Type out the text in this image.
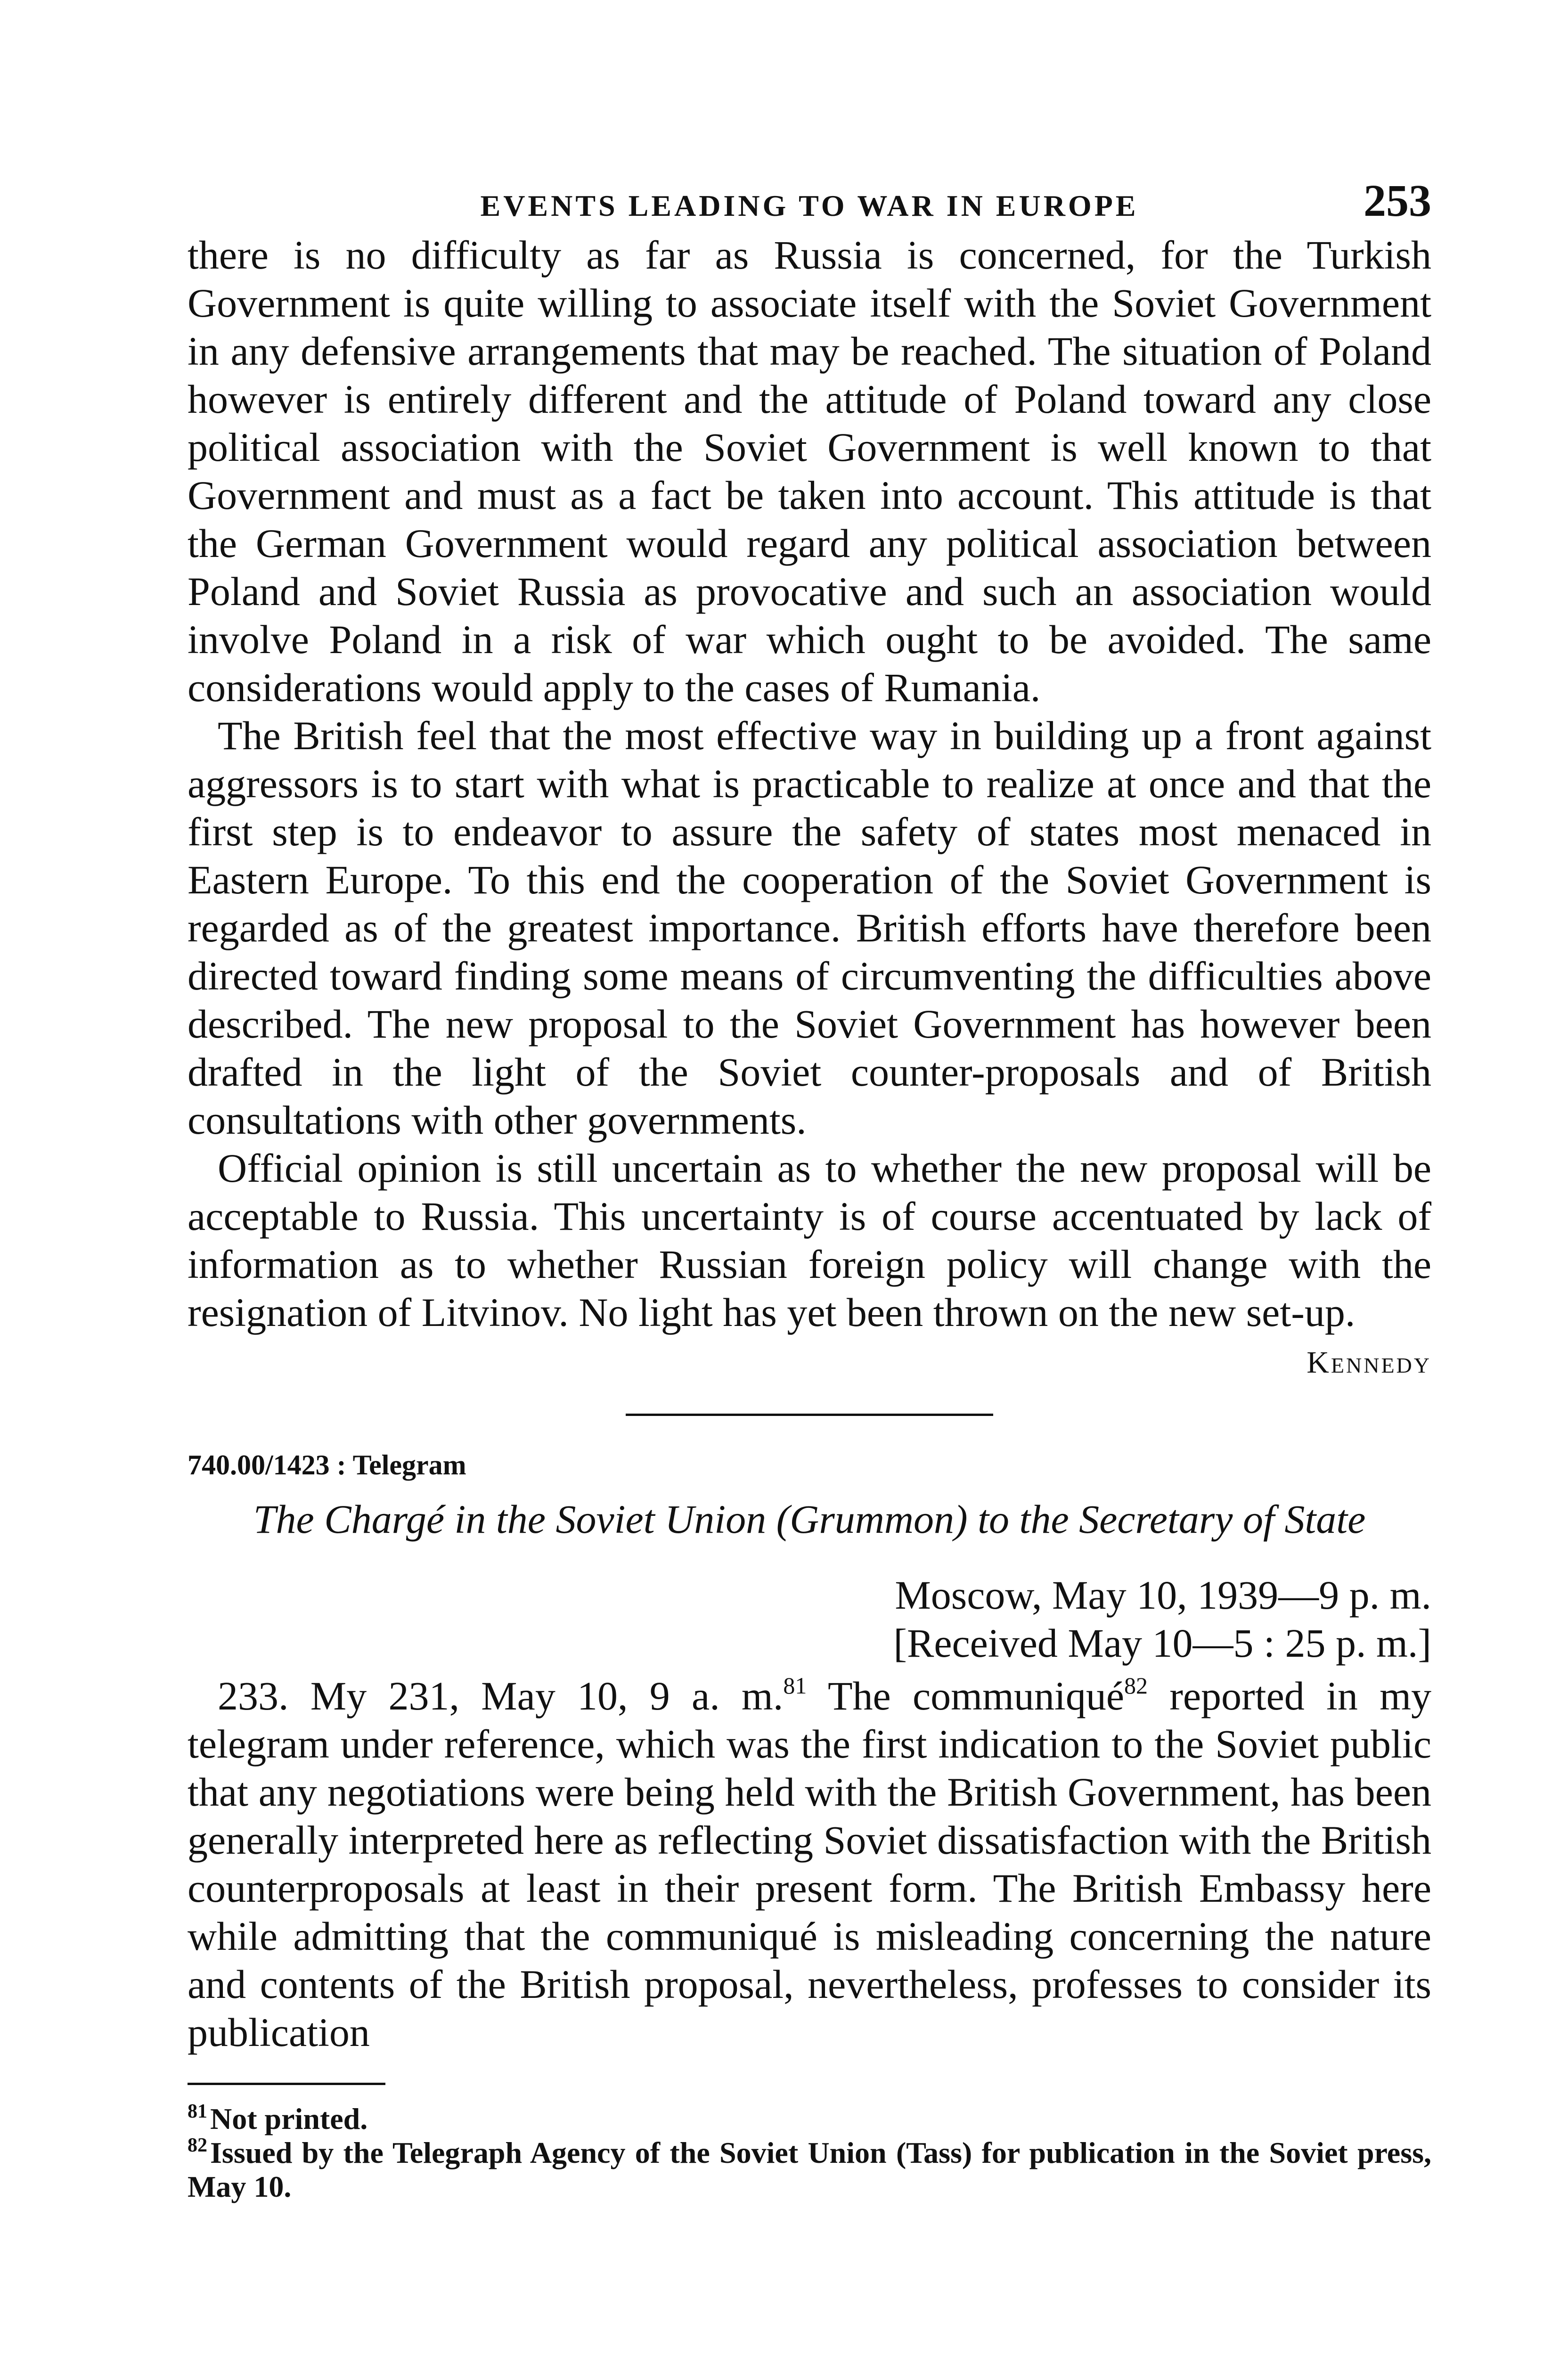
EVENTS LEADING TO WAR IN EUROPE	253

there is no difficulty as far as Russia is concerned, for the Turkish Government is quite willing to associate itself with the Soviet Government in any defensive arrangements that may be reached. The situation of Poland however is entirely different and the attitude of Poland toward any close political association with the Soviet Government is well known to that Government and must as a fact be taken into account. This attitude is that the German Government would regard any political association between Poland and Soviet Russia as provocative and such an association would involve Poland in a risk of war which ought to be avoided. The same considerations would apply to the cases of Rumania.

The British feel that the most effective way in building up a front against aggressors is to start with what is practicable to realize at once and that the first step is to endeavor to assure the safety of states most menaced in Eastern Europe. To this end the cooperation of the Soviet Government is regarded as of the greatest importance. British efforts have therefore been directed toward finding some means of circumventing the difficulties above described. The new proposal to the Soviet Government has however been drafted in the light of the Soviet counter-proposals and of British consultations with other governments.

Official opinion is still uncertain as to whether the new proposal will be acceptable to Russia. This uncertainty is of course accentuated by lack of information as to whether Russian foreign policy will change with the resignation of Litvinov. No light has yet been thrown on the new set-up.

Kennedy

740.00/1423 : Telegram

The Chargé in the Soviet Union (Grummon) to the Secretary of State

Moscow, May 10, 1939—9 p. m.
[Received May 10—5 : 25 p. m.]

233. My 231, May 10, 9 a. m.$^{81}$ The communiqué$^{82}$ reported in my telegram under reference, which was the first indication to the Soviet public that any negotiations were being held with the British Government, has been generally interpreted here as reflecting Soviet dissatisfaction with the British counterproposals at least in their present form. The British Embassy here while admitting that the communiqué is misleading concerning the nature and contents of the British proposal, nevertheless, professes to consider its publication

$^{81}$Not printed.

$^{82}$Issued by the Telegraph Agency of the Soviet Union (Tass) for publication in the Soviet press, May 10.
